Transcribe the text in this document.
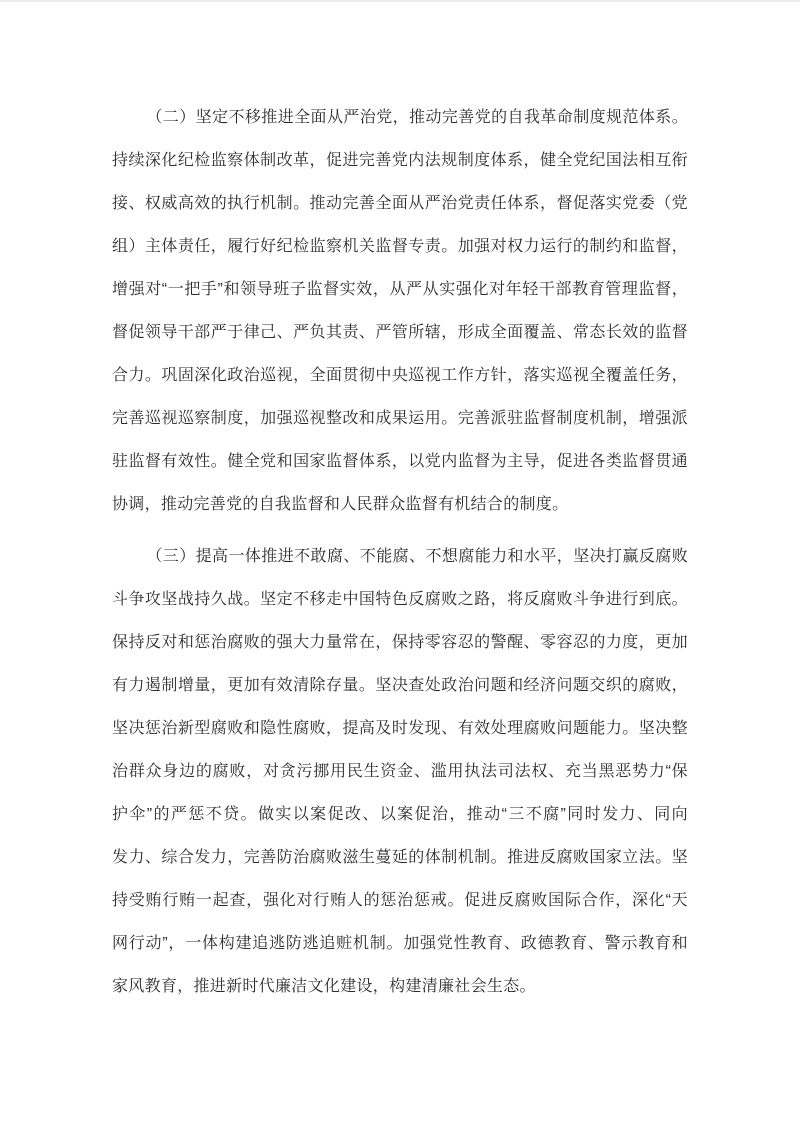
（二）坚定不移推进全面从严治党，推动完善党的自我革命制度规范体系。
持续深化纪检监察体制改革，促进完善党内法规制度体系，健全党纪国法相互衔
接、权威高效的执行机制。推动完善全面从严治党责任体系，督促落实党委（党
组）主体责任，履行好纪检监察机关监督专责。加强对权力运行的制约和监督，
增强对“一把手”和领导班子监督实效，从严从实强化对年轻干部教育管理监督，
督促领导干部严于律己、严负其责、严管所辖，形成全面覆盖、常态长效的监督
合力。巩固深化政治巡视，全面贯彻中央巡视工作方针，落实巡视全覆盖任务，
完善巡视巡察制度，加强巡视整改和成果运用。完善派驻监督制度机制，增强派
驻监督有效性。健全党和国家监督体系，以党内监督为主导，促进各类监督贯通
协调，推动完善党的自我监督和人民群众监督有机结合的制度。
（三）提高一体推进不敢腐、不能腐、不想腐能力和水平，坚决打赢反腐败
斗争攻坚战持久战。坚定不移走中国特色反腐败之路，将反腐败斗争进行到底。
保持反对和惩治腐败的强大力量常在，保持零容忍的警醒、零容忍的力度，更加
有力遏制增量，更加有效清除存量。坚决查处政治问题和经济问题交织的腐败，
坚决惩治新型腐败和隐性腐败，提高及时发现、有效处理腐败问题能力。坚决整
治群众身边的腐败，对贪污挪用民生资金、滥用执法司法权、充当黑恶势力“保
护伞”的严惩不贷。做实以案促改、以案促治，推动“三不腐”同时发力、同向
发力、综合发力，完善防治腐败滋生蔓延的体制机制。推进反腐败国家立法。坚
持受贿行贿一起查，强化对行贿人的惩治惩戒。促进反腐败国际合作，深化“天
网行动”，一体构建追逃防逃追赃机制。加强党性教育、政德教育、警示教育和
家风教育，推进新时代廉洁文化建设，构建清廉社会生态。
